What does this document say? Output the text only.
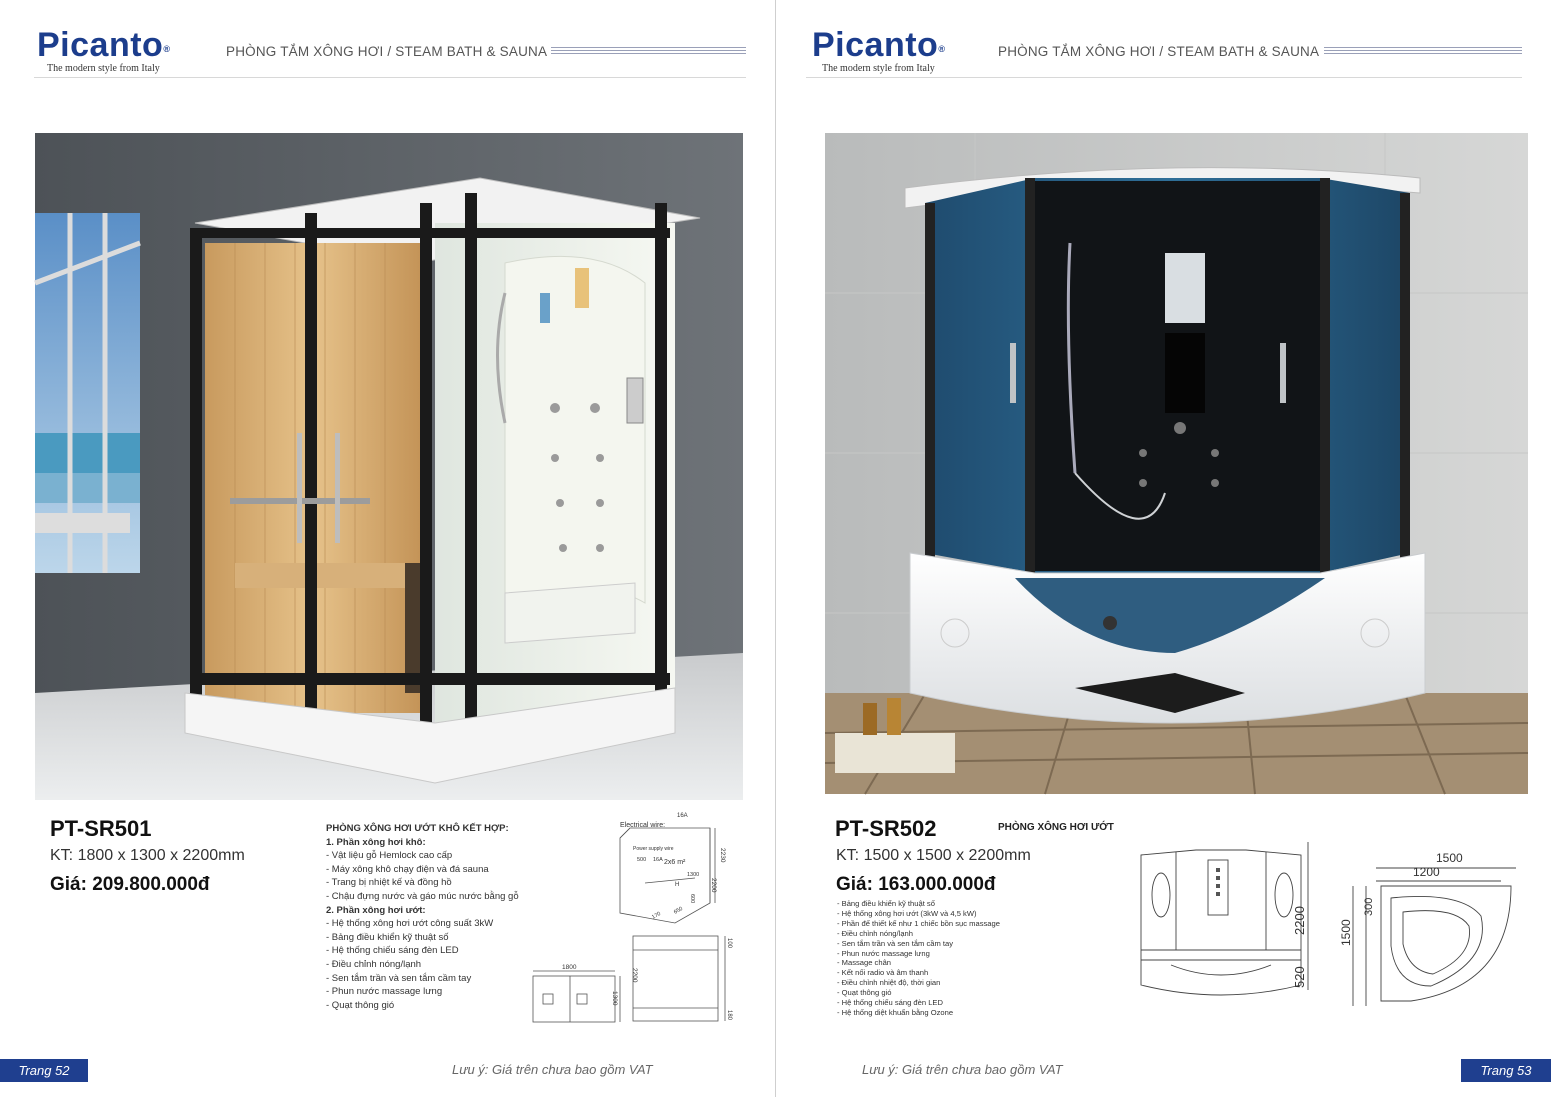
Picanto®
The modern style from Italy
PHÒNG TẮM XÔNG HƠI / STEAM BATH & SAUNA
PT-SR501
KT: 1800 x 1300 x 2200mm
Giá: 209.800.000đ
PHÒNG XÔNG HƠI ƯỚT KHÔ KẾT HỢP:
1. Phần xông hơi khô:
- Vật liệu gỗ Hemlock cao cấp
- Máy xông khô chạy điện và đá sauna
- Trang bị nhiệt kế và đồng hồ
- Chậu đựng nước và gáo múc nước bằng gỗ
2. Phần xông hơi ướt:
- Hệ thống xông hơi ướt công suất 3kW
- Bảng điều khiển kỹ thuật số
- Hệ thống chiếu sáng đèn LED
- Điều chỉnh nóng/lạnh
- Sen tắm trần và sen tắm cầm tay
- Phun nước massage lưng
- Quạt thông gió
Electrical wire:
16A
Power supply wire
500 16A 2x6 m²
1300
H
600
2230
2200
170
650
1800
1300
2200
100
180
Trang 52	Lưu ý: Giá trên chưa bao gồm VAT
Picanto®
The modern style from Italy
PHÒNG TẮM XÔNG HƠI / STEAM BATH & SAUNA
PT-SR502	PHÒNG XÔNG HƠI ƯỚT
KT: 1500 x 1500 x 2200mm
Giá: 163.000.000đ
- Bảng điều khiển kỹ thuật số
- Hệ thống xông hơi ướt (3kW và 4,5 kW)
- Phần đế thiết kế như 1 chiếc bồn sục massage
- Điều chỉnh nóng/lạnh
- Sen tắm trần và sen tắm cầm tay
- Phun nước massage lưng
- Massage chân
- Kết nối radio và âm thanh
- Điều chỉnh nhiệt độ, thời gian
- Quạt thông gió
- Hệ thống chiếu sáng đèn LED
- Hệ thống diệt khuẩn bằng Ozone
2200
520
1500
1200
300
1500
Lưu ý: Giá trên chưa bao gồm VAT	Trang 53
